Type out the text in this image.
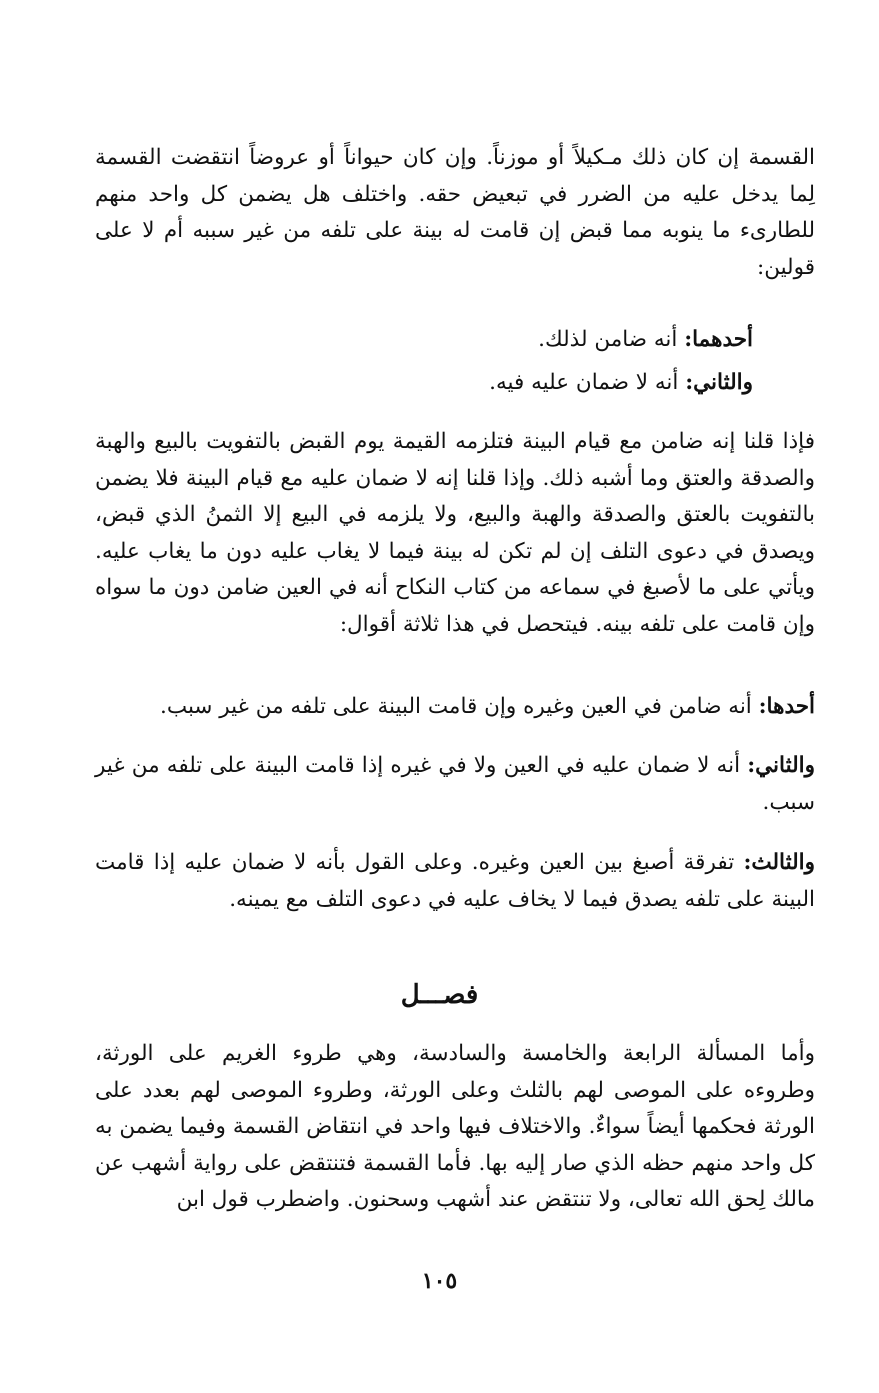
القسمة إن كان ذلك مـكيلاً أو موزناً. وإن كان حيواناً أو عروضاً انتقضت القسمة لِما يدخل عليه من الضرر في تبعيض حقه. واختلف هل يضمن كل واحد منهم للطارىء ما ينوبه مما قبض إن قامت له بينة على تلفه من غير سببه أم لا على قولين:

أحدهما: أنه ضامن لذلك.

والثاني: أنه لا ضمان عليه فيه.

فإذا قلنا إنه ضامن مع قيام البينة فتلزمه القيمة يوم القبض بالتفويت بالبيع والهبة والصدقة والعتق وما أشبه ذلك. وإذا قلنا إنه لا ضمان عليه مع قيام البينة فلا يضمن بالتفويت بالعتق والصدقة والهبة والبيع، ولا يلزمه في البيع إلا الثمنُ الذي قبض، ويصدق في دعوى التلف إن لم تكن له بينة فيما لا يغاب عليه دون ما يغاب عليه. ويأتي على ما لأصبغ في سماعه من كتاب النكاح أنه في العين ضامن دون ما سواه وإن قامت على تلفه بينه. فيتحصل في هذا ثلاثة أقوال:

أحدها: أنه ضامن في العين وغيره وإن قامت البينة على تلفه من غير سبب.

والثاني: أنه لا ضمان عليه في العين ولا في غيره إذا قامت البينة على تلفه من غير سبب.

والثالث: تفرقة أصبغ بين العين وغيره. وعلى القول بأنه لا ضمان عليه إذا قامت البينة على تلفه يصدق فيما لا يخاف عليه في دعوى التلف مع يمينه.

فصـــل

وأما المسألة الرابعة والخامسة والسادسة، وهي طروء الغريم على الورثة، وطروءه على الموصى لهم بالثلث وعلى الورثة، وطروء الموصى لهم بعدد على الورثة فحكمها أيضاً سواءٌ. والاختلاف فيها واحد في انتقاض القسمة وفيما يضمن به كل واحد منهم حظه الذي صار إليه بها. فأما القسمة فتنتقض على رواية أشهب عن مالك لِحق الله تعالى، ولا تنتقض عند أشهب وسحنون. واضطرب قول ابن

١٠٥
